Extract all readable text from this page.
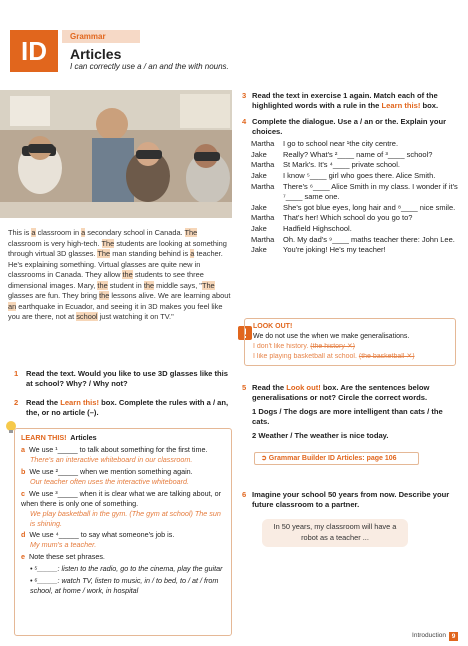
ID	Grammar
Articles
I can correctly use a / an and the with nouns.
This is a classroom in a secondary school in Canada. The classroom is very high-tech. The students are looking at something through virtual 3D glasses. The man standing behind is a teacher. He's explaining something. Virtual glasses are quite new in classrooms in Canada. They allow the students to see three dimensional images. Mary, the student in the middle says, "The glasses are fun. They bring the lessons alive. We are learning about an earthquake in Ecuador, and seeing it in 3D makes you feel like you are there, not at school just watching it on TV."
1 Read the text. Would you like to use 3D glasses like this at school? Why? / Why not?
2 Read the Learn this! box. Complete the rules with a / an, the, or no article (–).
LEARN THIS! Articles
a We use ¹_____ to talk about something for the first time.
There's an interactive whiteboard in our classroom.
b We use ²_____ when we mention something again.
Our teacher often uses the interactive whiteboard.
c We use ³_____ when it is clear what we are talking about, or when there is only one of something.
We play basketball in the gym. (The gym at school) The sun is shining.
d We use ⁴_____ to say what someone's job is.
My mum's a teacher.
e Note these set phrases.
• ⁵_____: listen to the radio, go to the cinema, play the guitar
• ⁶_____: watch TV, listen to music, in / to bed, to / at / from school, at home / work, in hospital
3 Read the text in exercise 1 again. Match each of the highlighted words with a rule in the Learn this! box.
4 Complete the dialogue. Use a / an or the. Explain your choices.
Martha	I go to school near ¹the city centre.
Jake	Really? What's ²____ name of ³____ school?
Martha	St Mark's. It's ⁴____ private school.
Jake	I know ⁵____ girl who goes there. Alice Smith.
Martha	There's ⁶____ Alice Smith in my class. I wonder if it's ⁷____ same one.
Jake	She's got blue eyes, long hair and ⁸____ nice smile.
Martha	That's her! Which school do you go to?
Jake	Hadfield Highschool.
Martha	Oh. My dad's ⁹____ maths teacher there: John Lee.
Jake	You're joking! He's my teacher!
LOOK OUT!
We do not use the when we make generalisations.
I don't like history. (the history ✕)
I like playing basketball at school. (the basketball ✕)
5 Read the Look out! box. Are the sentences below generalisations or not? Circle the correct words.
1 Dogs / The dogs are more intelligent than cats / the cats.
2 Weather / The weather is nice today.
➲ Grammar Builder ID Articles: page 106
6 Imagine your school 50 years from now. Describe your future classroom to a partner.
In 50 years, my classroom will have a robot as a teacher ...
Introduction 9
